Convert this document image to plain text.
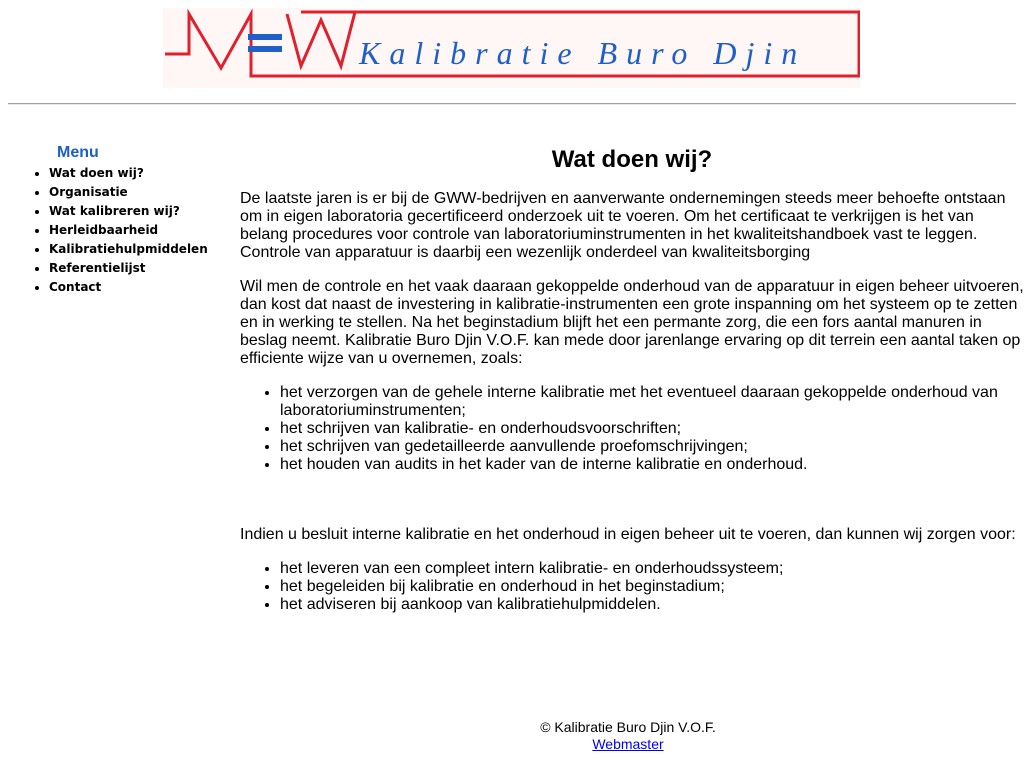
Kalibratie Buro Djin
Menu
• Wat doen wij?
• Organisatie
• Wat kalibreren wij?
• Herleidbaarheid
• Kalibratiehulpmiddelen
• Referentielijst
• Contact
Wat doen wij?

De laatste jaren is er bij de GWW-bedrijven en aanverwante ondernemingen steeds meer behoefte ontstaan om in eigen laboratoria gecertificeerd onderzoek uit te voeren. Om het certificaat te verkrijgen is het van belang procedures voor controle van laboratoriuminstrumenten in het kwaliteitshandboek vast te leggen. Controle van apparatuur is daarbij een wezenlijk onderdeel van kwaliteitsborging

Wil men de controle en het vaak daaraan gekoppelde onderhoud van de apparatuur in eigen beheer uitvoeren, dan kost dat naast de investering in kalibratie-instrumenten een grote inspanning om het systeem op te zetten en in werking te stellen. Na het beginstadium blijft het een permante zorg, die een fors aantal manuren in beslag neemt. Kalibratie Buro Djin V.O.F. kan mede door jarenlange ervaring op dit terrein een aantal taken op efficiente wijze van u overnemen, zoals:

• het verzorgen van de gehele interne kalibratie met het eventueel daaraan gekoppelde onderhoud van laboratoriuminstrumenten;
• het schrijven van kalibratie- en onderhoudsvoorschriften;
• het schrijven van gedetailleerde aanvullende proefomschrijvingen;
• het houden van audits in het kader van de interne kalibratie en onderhoud.

Indien u besluit interne kalibratie en het onderhoud in eigen beheer uit te voeren, dan kunnen wij zorgen voor:

• het leveren van een compleet intern kalibratie- en onderhoudssysteem;
• het begeleiden bij kalibratie en onderhoud in het beginstadium;
• het adviseren bij aankoop van kalibratiehulpmiddelen.
© Kalibratie Buro Djin V.O.F.
Webmaster
